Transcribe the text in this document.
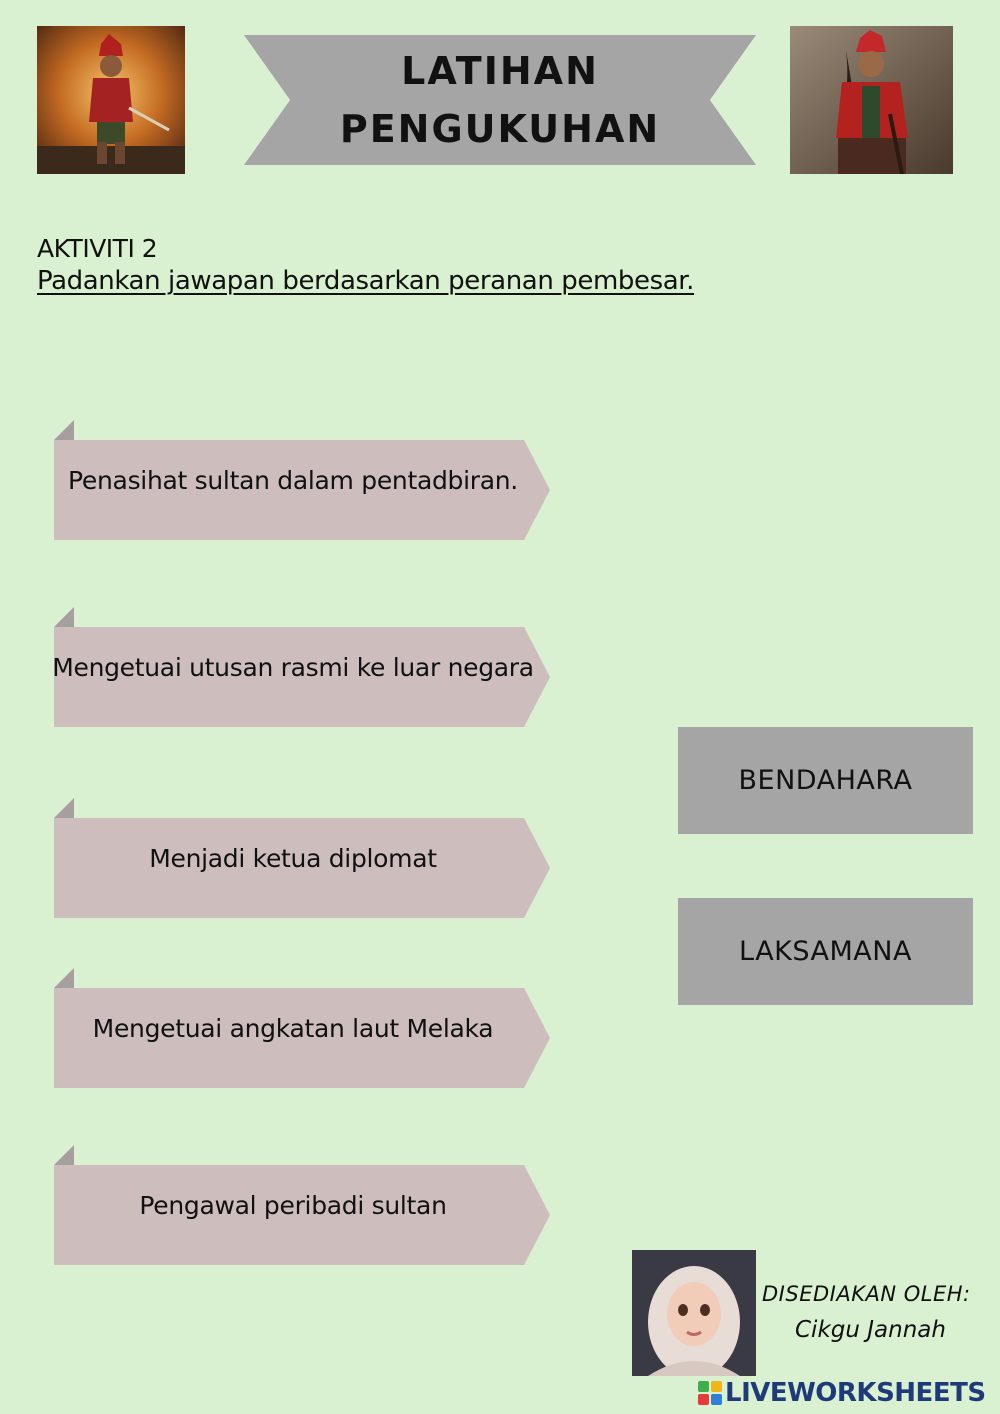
LATIHAN
PENGUKUHAN
AKTIVITI 2
Padankan jawapan berdasarkan peranan pembesar.
Penasihat sultan dalam pentadbiran.
Mengetuai utusan rasmi ke luar negara
Menjadi ketua diplomat
Mengetuai angkatan laut Melaka
Pengawal peribadi sultan
BENDAHARA
LAKSAMANA
DISEDIAKAN OLEH:
Cikgu Jannah
LIVEWORKSHEETS
